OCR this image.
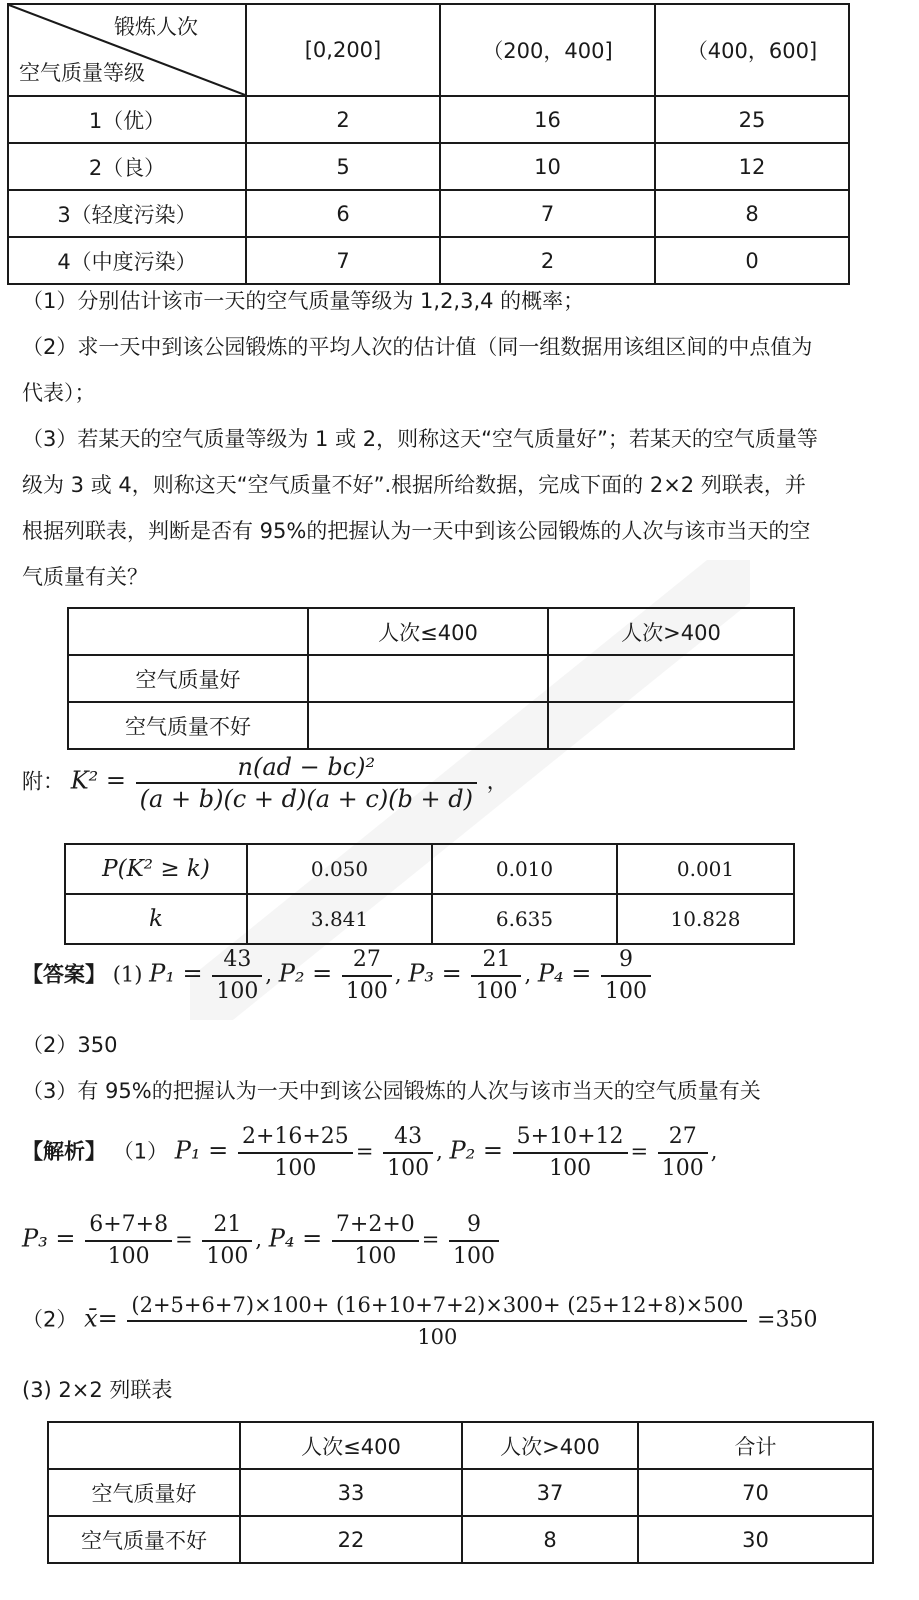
锻炼人次
空气质量等级	[0,200]	（200，400]	（400，600]
1（优）	2	16	25
2（良）	5	10	12
3（轻度污染）	6	7	8
4（中度污染）	7	2	0
（1）分别估计该市一天的空气质量等级为 1,2,3,4 的概率；
（2）求一天中到该公园锻炼的平均人次的估计值（同一组数据用该组区间的中点值为
代表）；
（3）若某天的空气质量等级为 1 或 2，则称这天“空气质量好”；若某天的空气质量等
级为 3 或 4，则称这天“空气质量不好”.根据所给数据，完成下面的 2×2 列联表，并
根据列联表，判断是否有 95%的把握认为一天中到该公园锻炼的人次与该市当天的空
气质量有关？
	人次≤400	人次>400
空气质量好		
空气质量不好		
附： $K^2 = \frac{\text{n(ad − bc)²}}{(a + b)(c + d)(a + c)(b + d)}$ ，
P(K² ≥ k)	0.050	0.010	0.001
k	3.841	6.635	10.828
【答案】 (1) $P_1 = \frac{43}{100}$ , $P_2 = \frac{27}{100}$ , $P_3 = \frac{21}{100}$ , $P_4 = \frac{9}{100}$
（2）350
（3）有 95%的把握认为一天中到该公园锻炼的人次与该市当天的空气质量有关
【解析】 （1） $P_1 = \frac{2+16+25}{100} = \frac{43}{100}$ , $P_2 = \frac{5+10+12}{100} = \frac{27}{100}$ ,
$P_3 = \frac{6+7+8}{100} = \frac{21}{100}$ , $P_4 = \frac{7+2+0}{100} = \frac{9}{100}$
（2） x̄= $\frac{(2+5+6+7)\times 100+ (16+10+7+2)\times 300+ (25+12+8)\times 500}{100} =350$
(3) 2×2 列联表
	人次≤400	人次>400	合计
空气质量好	33	37	70
空气质量不好	22	8	30
